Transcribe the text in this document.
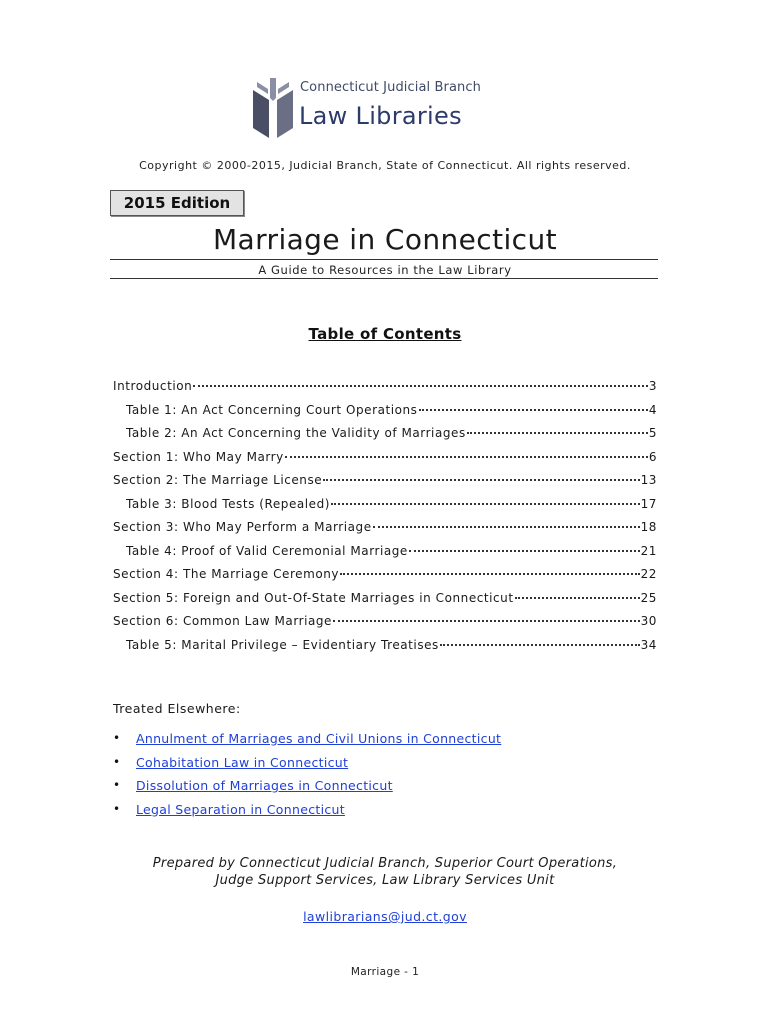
Connecticut Judicial Branch
Law Libraries
Copyright © 2000-2015, Judicial Branch, State of Connecticut. All rights reserved.
2015 Edition
Marriage in Connecticut
A Guide to Resources in the Law Library
Table of Contents
Introduction	3
Table 1: An Act Concerning Court Operations	4
Table 2: An Act Concerning the Validity of Marriages	5
Section 1: Who May Marry	6
Section 2: The Marriage License	13
Table 3: Blood Tests (Repealed)	17
Section 3: Who May Perform a Marriage	18
Table 4: Proof of Valid Ceremonial Marriage	21
Section 4: The Marriage Ceremony	22
Section 5: Foreign and Out-Of-State Marriages in Connecticut	25
Section 6: Common Law Marriage	30
Table 5: Marital Privilege – Evidentiary Treatises	34
Treated Elsewhere:
• Annulment of Marriages and Civil Unions in Connecticut
• Cohabitation Law in Connecticut
• Dissolution of Marriages in Connecticut
• Legal Separation in Connecticut
Prepared by Connecticut Judicial Branch, Superior Court Operations,
Judge Support Services, Law Library Services Unit
lawlibrarians@jud.ct.gov
Marriage - 1
